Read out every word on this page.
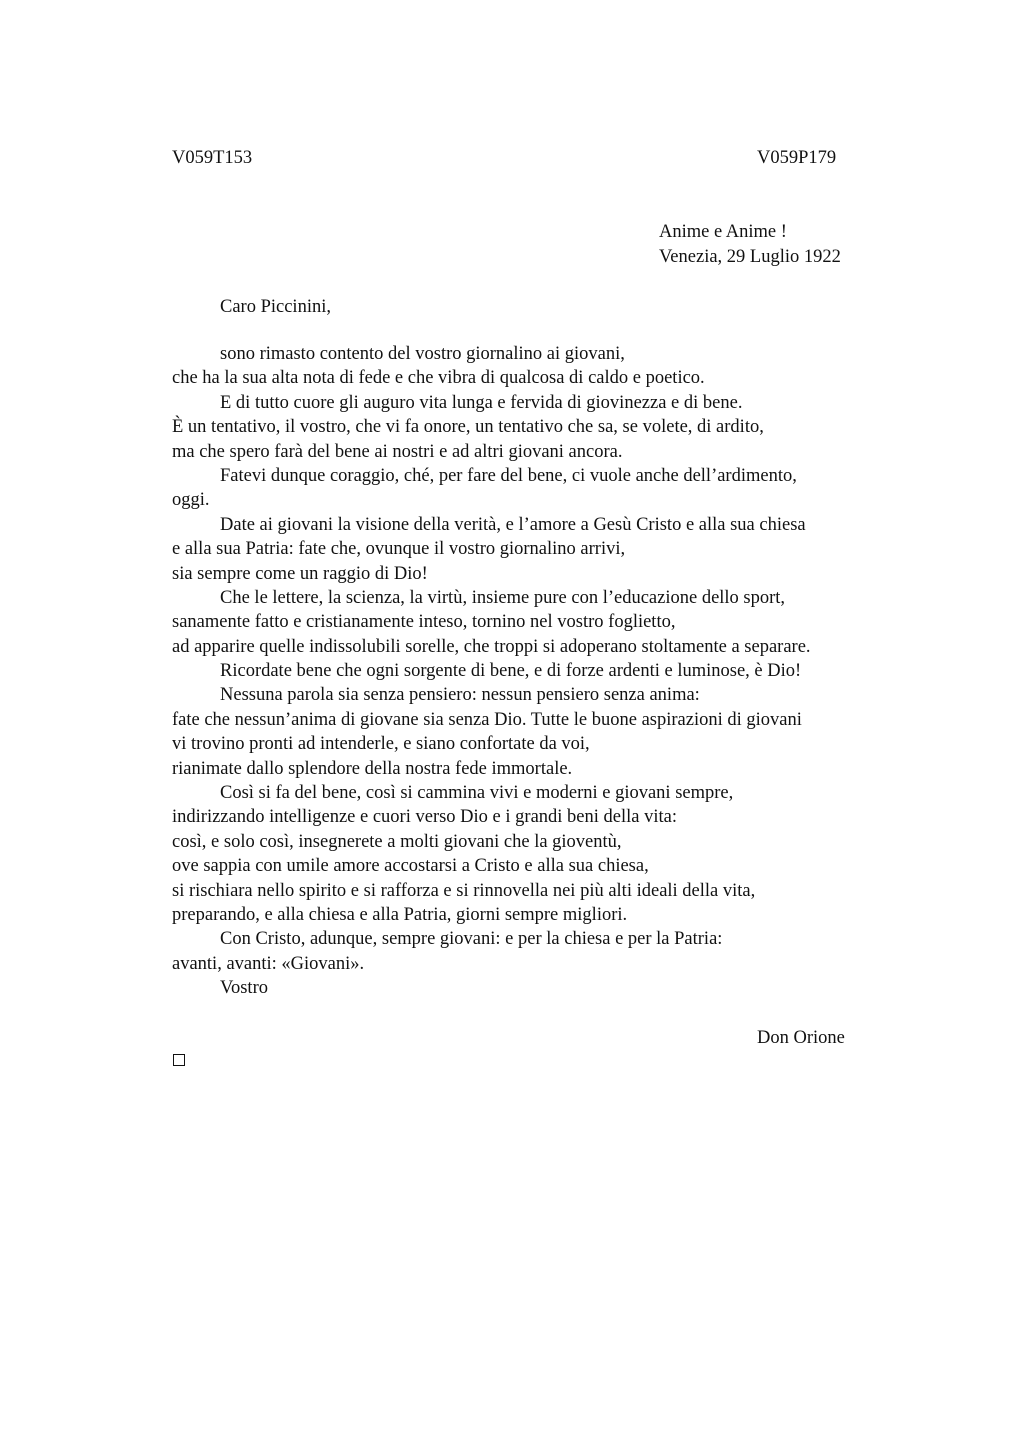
V059T153	V059P179
Anime e Anime !
Venezia, 29 Luglio 1922
Caro Piccinini,
sono rimasto contento del vostro giornalino ai giovani,
che ha la sua alta nota di fede e che vibra di qualcosa di caldo e poetico.
E di tutto cuore gli auguro vita lunga e fervida di giovinezza e di bene.
È un tentativo, il vostro, che vi fa onore, un tentativo che sa, se volete, di ardito,
ma che spero farà del bene ai nostri e ad altri giovani ancora.
Fatevi dunque coraggio, ché, per fare del bene, ci vuole anche dell’ardimento,
oggi.
Date ai giovani la visione della verità, e l’amore a Gesù Cristo e alla sua chiesa
e alla sua Patria: fate che, ovunque il vostro giornalino arrivi,
sia sempre come un raggio di Dio!
Che le lettere, la scienza, la virtù, insieme pure con l’educazione dello sport,
sanamente fatto e cristianamente inteso, tornino nel vostro foglietto,
ad apparire quelle indissolubili sorelle, che troppi si adoperano stoltamente a separare.
Ricordate bene che ogni sorgente di bene, e di forze ardenti e luminose, è Dio!
Nessuna parola sia senza pensiero: nessun pensiero senza anima:
fate che nessun’anima di giovane sia senza Dio. Tutte le buone aspirazioni di giovani
vi trovino pronti ad intenderle, e siano confortate da voi,
rianimate dallo splendore della nostra fede immortale.
Così si fa del bene, così si cammina vivi e moderni e giovani sempre,
indirizzando intelligenze e cuori verso Dio e i grandi beni della vita:
così, e solo così, insegnerete a molti giovani che la gioventù,
ove sappia con umile amore accostarsi a Cristo e alla sua chiesa,
si rischiara nello spirito e si rafforza e si rinnovella nei più alti ideali della vita,
preparando, e alla chiesa e alla Patria, giorni sempre migliori.
Con Cristo, adunque, sempre giovani: e per la chiesa e per la Patria:
avanti, avanti: «Giovani».
Vostro
Don Orione
